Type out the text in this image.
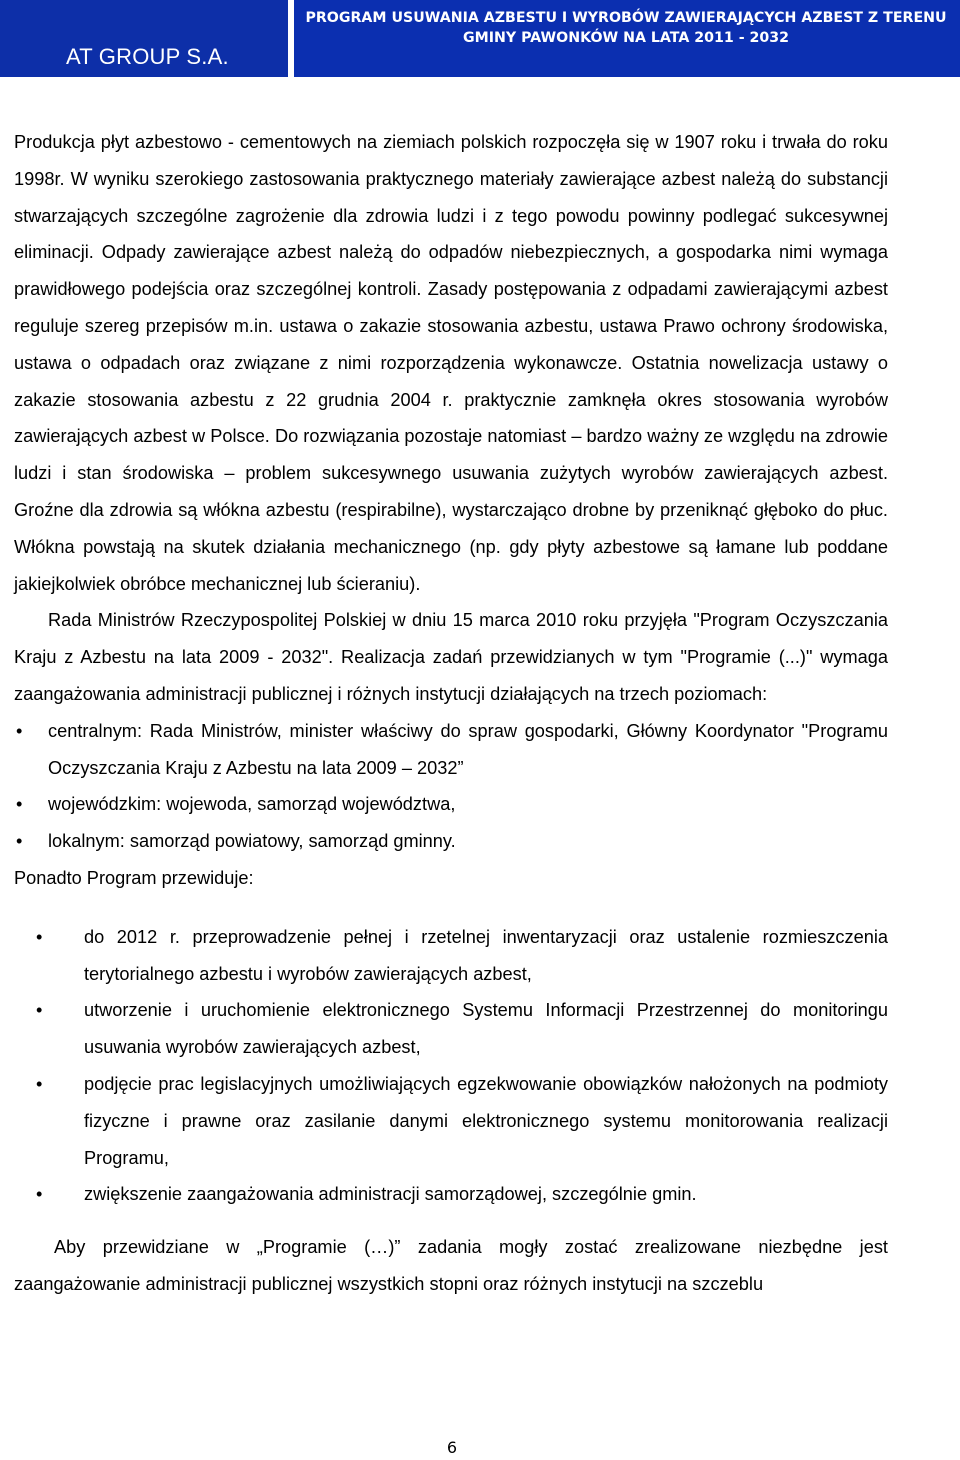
AT GROUP S.A.
PROGRAM USUWANIA AZBESTU I WYROBÓW ZAWIERAJĄCYCH AZBEST Z TERENU
GMINY PAWONKÓW NA LATA 2011 - 2032

Produkcja płyt azbestowo - cementowych na ziemiach polskich rozpoczęła się w 1907 roku i trwała do roku 1998r. W wyniku szerokiego zastosowania praktycznego materiały zawierające azbest należą do substancji stwarzających szczególne zagrożenie dla zdrowia ludzi i z tego powodu powinny podlegać sukcesywnej eliminacji. Odpady zawierające azbest należą do odpadów niebezpiecznych, a gospodarka nimi wymaga prawidłowego podejścia oraz szczególnej kontroli. Zasady postępowania z odpadami zawierającymi azbest reguluje szereg przepisów m.in. ustawa o zakazie stosowania azbestu, ustawa Prawo ochrony środowiska, ustawa o odpadach oraz związane z nimi rozporządzenia wykonawcze. Ostatnia nowelizacja ustawy o zakazie stosowania azbestu z 22 grudnia 2004 r. praktycznie zamknęła okres stosowania wyrobów zawierających azbest w Polsce. Do rozwiązania pozostaje natomiast – bardzo ważny ze względu na zdrowie ludzi i stan środowiska – problem sukcesywnego usuwania zużytych wyrobów zawierających azbest. Groźne dla zdrowia są włókna azbestu (respirabilne), wystarczająco drobne by przeniknąć głęboko do płuc. Włókna powstają na skutek działania mechanicznego (np. gdy płyty azbestowe są łamane lub poddane jakiejkolwiek obróbce mechanicznej lub ścieraniu).

Rada Ministrów Rzeczypospolitej Polskiej w dniu 15 marca 2010 roku przyjęła "Program Oczyszczania Kraju z Azbestu na lata 2009 - 2032". Realizacja zadań przewidzianych w tym "Programie (...)" wymaga zaangażowania administracji publicznej i różnych instytucji działających na trzech poziomach:

• centralnym: Rada Ministrów, minister właściwy do spraw gospodarki, Główny Koordynator "Programu Oczyszczania Kraju z Azbestu na lata 2009 – 2032”
• wojewódzkim: wojewoda, samorząd województwa,
• lokalnym: samorząd powiatowy, samorząd gminny.

Ponadto Program przewiduje:

• do 2012 r. przeprowadzenie pełnej i rzetelnej inwentaryzacji oraz ustalenie rozmieszczenia terytorialnego azbestu i wyrobów zawierających azbest,
• utworzenie i uruchomienie elektronicznego Systemu Informacji Przestrzennej do monitoringu usuwania wyrobów zawierających azbest,
• podjęcie prac legislacyjnych umożliwiających egzekwowanie obowiązków nałożonych na podmioty fizyczne i prawne oraz zasilanie danymi elektronicznego systemu monitorowania realizacji Programu,
• zwiększenie zaangażowania administracji samorządowej, szczególnie gmin.

Aby przewidziane w „Programie (…)” zadania mogły zostać zrealizowane niezbędne jest zaangażowanie administracji publicznej wszystkich stopni oraz różnych instytucji na szczeblu

6
